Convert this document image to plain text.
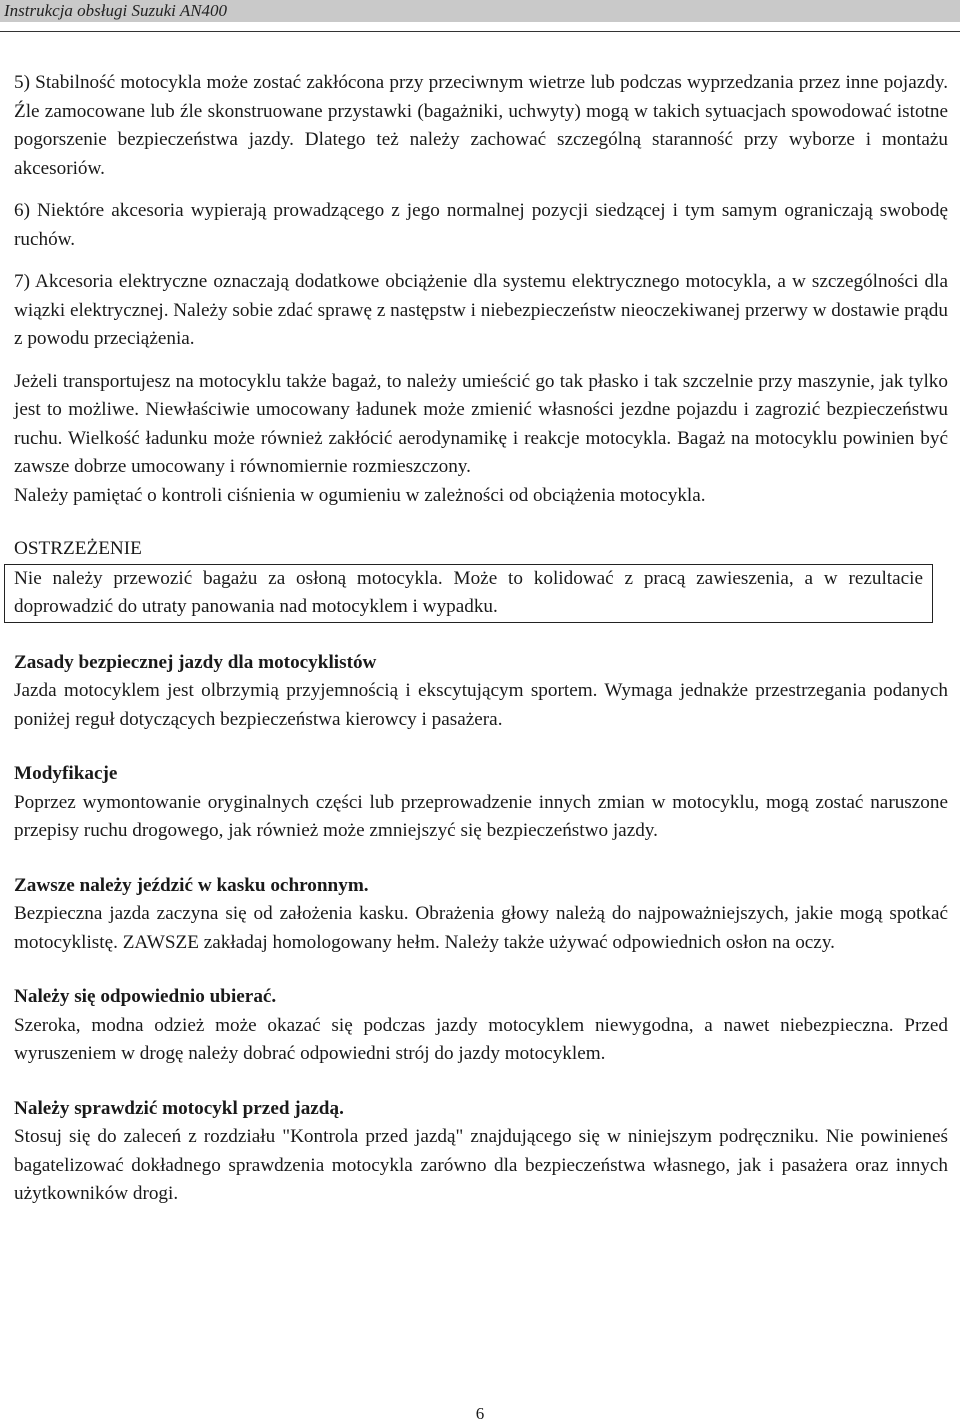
Instrukcja obsługi Suzuki AN400

5) Stabilność motocykla może zostać zakłócona przy przeciwnym wietrze lub podczas wyprzedzania przez inne pojazdy. Źle zamocowane lub źle skonstruowane przystawki (bagażniki, uchwyty) mogą w takich sytuacjach spowodować istotne pogorszenie bezpieczeństwa jazdy. Dlatego też należy zachować szczególną staranność przy wyborze i montażu akcesoriów.

6) Niektóre akcesoria wypierają prowadzącego z jego normalnej pozycji siedzącej i tym samym ograniczają swobodę ruchów.

7) Akcesoria elektryczne oznaczają dodatkowe obciążenie dla systemu elektrycznego motocykla, a w szczególności dla wiązki elektrycznej. Należy sobie zdać sprawę z następstw i niebezpieczeństw nieoczekiwanej przerwy w dostawie prądu z powodu przeciążenia.

Jeżeli transportujesz na motocyklu także bagaż, to należy umieścić go tak płasko i tak szczelnie przy maszynie, jak tylko jest to możliwe. Niewłaściwie umocowany ładunek może zmienić własności jezdne pojazdu i zagrozić bezpieczeństwu ruchu. Wielkość ładunku może również zakłócić aerodynamikę i reakcje motocykla. Bagaż na motocyklu powinien być zawsze dobrze umocowany i równomiernie rozmieszczony.

Należy pamiętać o kontroli ciśnienia w ogumieniu w zależności od obciążenia motocykla.

OSTRZEŻENIE

Nie należy przewozić bagażu za osłoną motocykla. Może to kolidować z pracą zawieszenia, a w rezultacie doprowadzić do utraty panowania nad motocyklem i wypadku.

Zasady bezpiecznej jazdy dla motocyklistów

Jazda motocyklem jest olbrzymią przyjemnością i ekscytującym sportem. Wymaga jednakże przestrzegania podanych poniżej reguł dotyczących bezpieczeństwa kierowcy i pasażera.

Modyfikacje

Poprzez wymontowanie oryginalnych części lub przeprowadzenie innych zmian w motocyklu, mogą zostać naruszone przepisy ruchu drogowego, jak również może zmniejszyć się bezpieczeństwo jazdy.

Zawsze należy jeździć w kasku ochronnym.

Bezpieczna jazda zaczyna się od założenia kasku. Obrażenia głowy należą do najpoważniejszych, jakie mogą spotkać motocyklistę. ZAWSZE zakładaj homologowany hełm. Należy także używać odpowiednich osłon na oczy.

Należy się odpowiednio ubierać.

Szeroka, modna odzież może okazać się podczas jazdy motocyklem niewygodna, a nawet niebezpieczna. Przed wyruszeniem w drogę należy dobrać odpowiedni strój do jazdy motocyklem.

Należy sprawdzić motocykl przed jazdą.

Stosuj się do zaleceń z rozdziału "Kontrola przed jazdą" znajdującego się w niniejszym podręczniku. Nie powinieneś bagatelizować dokładnego sprawdzenia motocykla zarówno dla bezpieczeństwa własnego, jak i pasażera oraz innych użytkowników drogi.

6
